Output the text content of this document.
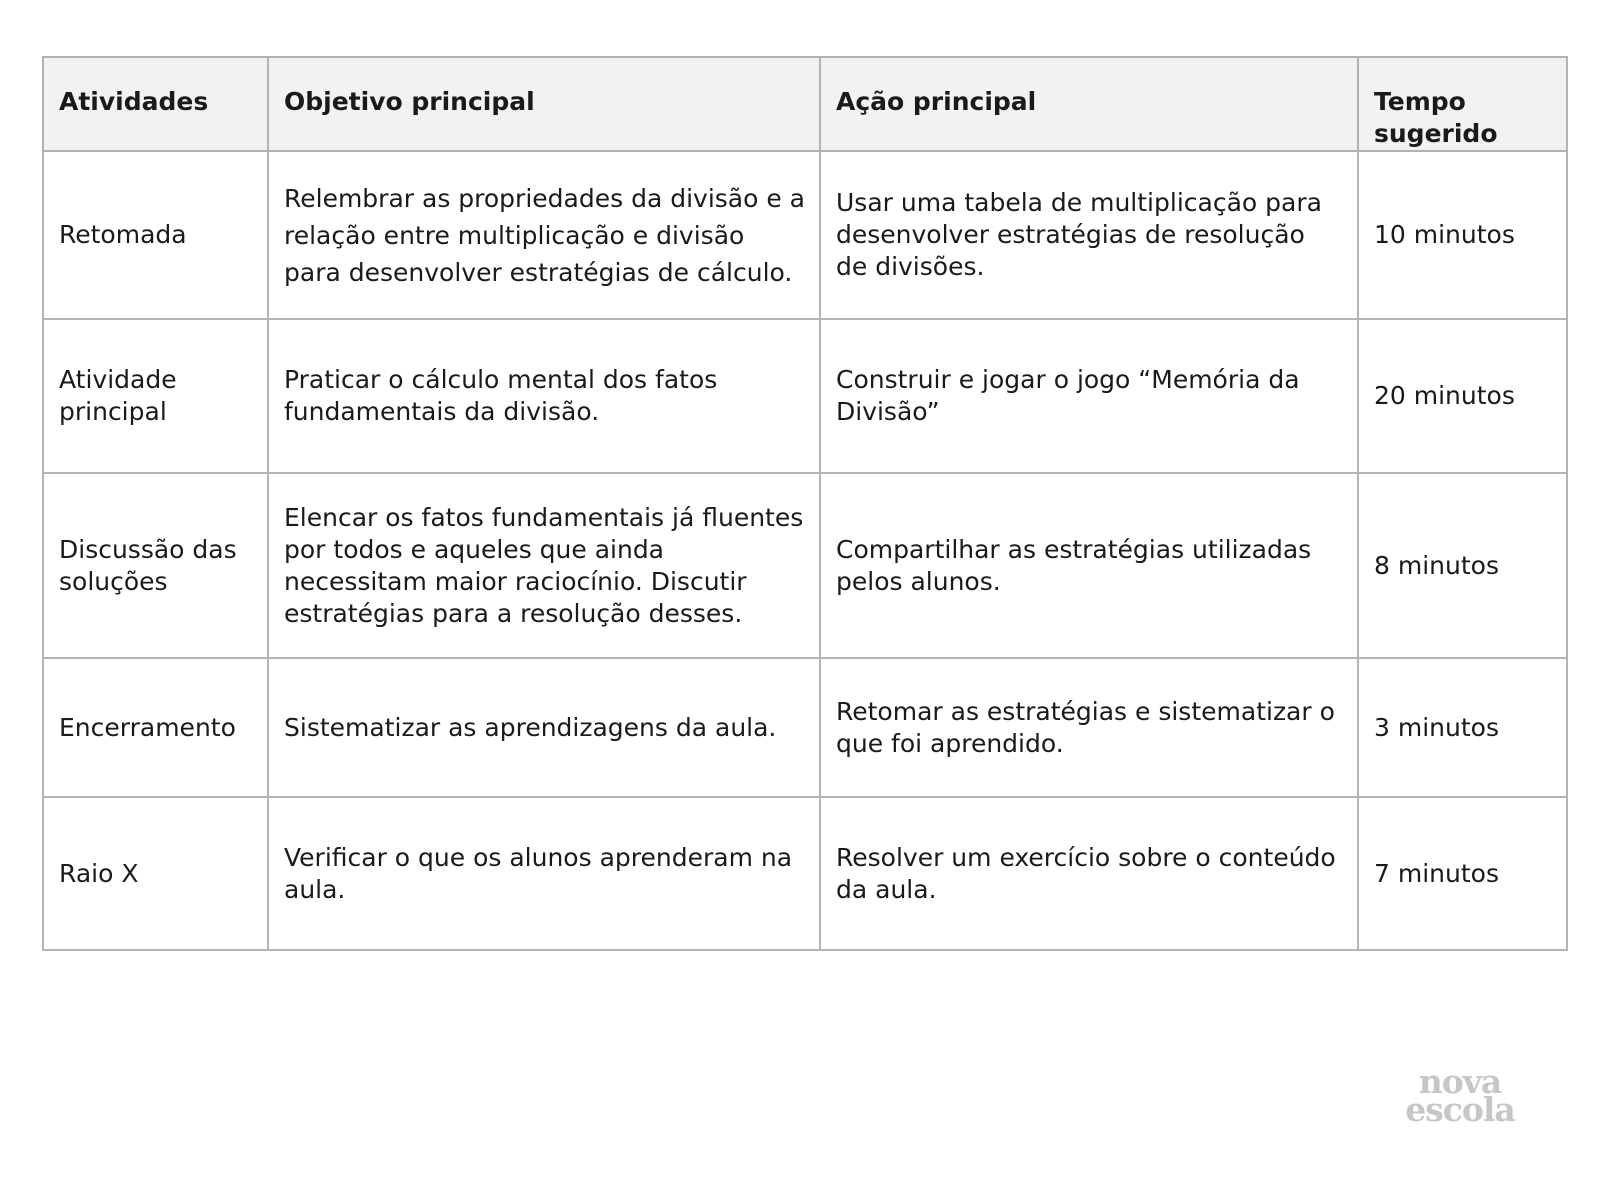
Atividades	Objetivo principal	Ação principal	Tempo sugerido
Retomada	Relembrar as propriedades da divisão e a relação entre multiplicação e divisão para desenvolver estratégias de cálculo.	Usar uma tabela de multiplicação para desenvolver estratégias de resolução de divisões.	10 minutos
Atividade principal	Praticar o cálculo mental dos fatos fundamentais da divisão.	Construir e jogar o jogo “Memória da Divisão”	20 minutos
Discussão das soluções	Elencar os fatos fundamentais já fluentes por todos e aqueles que ainda necessitam maior raciocínio. Discutir estratégias para a resolução desses.	Compartilhar as estratégias utilizadas pelos alunos.	8 minutos
Encerramento	Sistematizar as aprendizagens da aula.	Retomar as estratégias e sistematizar o que foi aprendido.	3 minutos
Raio X	Verificar o que os alunos aprenderam na aula.	Resolver um exercício sobre o conteúdo da aula.	7 minutos
nova
escola
